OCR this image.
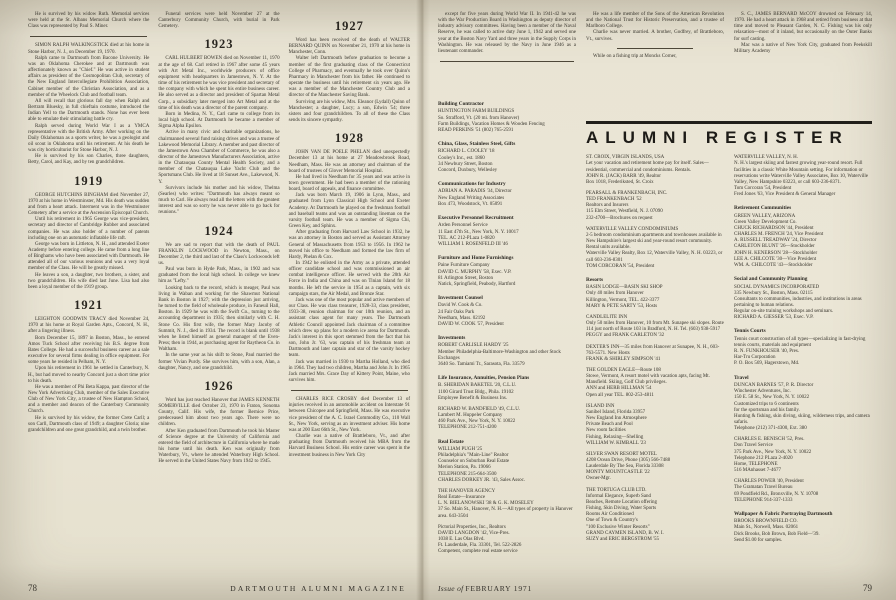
He is survived by his widow Ruth. Memorial services were held at the St. Albans Memorial Church where the Class was represented by Paul S. Miner.

SIMON RALPH WALKINGSTICK died at his home in Stone Harbor, N. J., on December 19, 1970.

Ralph came to Dartmouth from Bacone University. He was an Oklahoma Cherokee and at Dartmouth was affectionately known as "Chief." He was active in student affairs as president of the Cosmopolitan Club, secretary of the New England Intercollegiate Prohibition Association, Cabinet member of the Christian Association, and as a member of the Wheelock Club and football team.

All will recall that glorious fall day when Ralph and Bertram Bluesky, in full chieftain costume, introduced the Indian Yell to the Dartmouth stands. None has ever been able to emulate their stimulating battle cry.

Ralph served during World War I as a YMCA representative with the British Army. After working on the Daily Oklahoman as a sports writer, he was a geologist and oil scout in Oklahoma until his retirement. At his death he was city horticulturist for Stone Harbor, N. J.

He is survived by his son Charles, three daughters, Betty, Carol, and Kay, and by ten grandchildren.

1919

GEORGE HUTCHINS BINGHAM died November 27, 1970 at his home in Westminster, Md. His death was sudden and from a heart attack. Interment was in the Westminster Cemetery after a service at the Ascension Episcopal Church.

Until his retirement in 1965 George was vice-president, secretary and director of Cambridge Rubber and associated companies. He was also holder of a number of patents including one on an automatic inflatable life raft.

George was born in Littleton, N. H., and attended Exeter Academy before entering college. He came from a long line of Binghams who have been associated with Dartmouth. He attended all of our various reunions and was a very loyal member of the Class. He will be greatly missed.

He leaves a son, a daughter, two brothers, a sister, and two grandchildren. His wife died last June. Lisa had also been a loyal member of the 1919 group.

1921

LEIGHTON GOODWIN TRACY died November 24, 1970 at his home at Royal Garden Apts., Concord, N. H., after a lingering illness.

Born December 15, 1897 in Boston, Mass., he entered Amos Tuck School after receiving his B.S. degree from Bates College. He had a successful business career as a sale executive for several firms dealing in office equipment. For some years he resided in Pelham, N. Y.

Upon his retirement in 1961 he settled in Canterbury, N. H., but had moved to nearby Concord just a short time prior to his death.

He was a member of Phi Beta Kappa, past director of the New York Advertising Club, member of the Sales Executive Club of New York City, a trustee of New Hampton School, and a member and deacon of the Canterbury Community Church.

He is survived by his widow, the former Crete Carll; a son Carll, Dartmouth class of 1949; a daughter Gloria; nine grandchildren and one great grandchild, and a twin brother.

Funeral services were held November 27 at the Canterbury Community Church, with burial in Park Cemetery.

1923

CARL HULBERT BOWEN died on November 11, 1970 at the age of 68. Carl retired in 1967 after some 45 years with Art Metal Inc., worldwide producers of office equipment with headquarters in Jamestown, N. Y. At the time of his retirement he was vice president and secretary of the company with which he spent his entire business career. He also served as a director and president of Spartan Metal Corp., a subsidiary later merged into Art Metal and at the time of his death was a director of the parent company.

Born in Medina, N. Y., Carl came to college from its local high school. At Dartmouth he became a member of Sigma Alpha Epsilon.

Active in many civic and charitable organizations, he chairmanned several fund raising drives and was a trustee of Lakewood Memorial Library. A member and past director of the Jamestown Area Chamber of Commerce, he was also a director of the Jamestown Manufacturers Association, active in the Chatauqua County Mental Health Society, and a member of the Chatauqua Lake Yacht Club and the Sportsmans Club. He lived at 18 Sunset Ave., Lakewood, N. Y.

Survivors include his mother and his widow, Thelma (Searles) who writes: "Dartmouth has always meant so much to Carl. He always read all the letters with the greatest interest and was so sorry he was never able to go back for reunions."

1924

We are sad to report that with the death of PAUL FRANKLIN LOCKWOOD in Newton, Mass., on December 2, the third and last of the Class's Lockwoods left us.

Paul was born in Hyde Park, Mass., in 1902 and was graduated from the local high school. In college we knew him as "Lefty."

Looking back to the record, which is meager, Paul was living in Waban and working for the Shawmut National Bank in Boston in 1927; with the depression just arriving, he turned to the field of wholesale produce, in Faneuil Hall, Boston. In 1929 he was with the Swift Co., turning to the accounting department in 1935; then similarly with C. H. Stone Co. His first wife, the former Mary Jacoby of Summit, N. J., died in 1934. The record is blank until 1938 when he listed himself as general manager of the Even-Press; then in 1944, as purchasing agent for Raytheon Co. in Waltham.

In the same year as his shift to Stone, Paul married the former Vivian Purdy. She survives him, with a son, Alan, a daughter, Nancy, and one grandchild.

1926

Word has just reached Hanover that JAMES KENNETH SOMERVILLE died October 23, 1970 in Fraton, Sonoma County, Calif. His wife, the former Bernice Price, predeceased him about two years ago. There were no children.

After Ken graduated from Dartmouth he took his Master of Science degree at the University of California and entered the field of architecture in California where he made his home until his death. Ken was originally from Waterbury, Vt., where he attended Waterbury High School. He served in the United States Navy from 1942 to 1945.

1927

Word has been received of the death of WALTER BERNARD QUINN on November 21, 1970 at his home in Manchester, Conn.

Walter left Dartmouth before graduation to become a member of the first graduating class of the Connecticut College of Pharmacy, and eventually he took over Quinn's Pharmacy in Manchester from his father. He continued to operate the business until his retirement six years ago. He was a member of the Manchester Country Club and a director of the Manchester Saving Bank.

Surviving are his widow, Mrs. Eleanor (Lydall) Quinn of Manchester; a daughter, Lucy; a son, Edwin '54; three sisters and four grandchildren. To all of these the Class sends its sincere sympathy.

1928

JOHN VAN DE POELE PHELAN died unexpectedly December 13 at his home at 27 Meadowbrook Road, Needham, Mass. He was an attorney and chairman of the board of trustees of Glover Memorial Hospital.

He had lived in Needham for 35 years and was active in town government. He had been a member of the rationing board, board of appeals, and finance committee.

Jack was born March 19, 1906 in Lynn, Mass., and graduated from Lynn Classical High School and Exeter Academy. At Dartmouth he played on the freshman football and baseball teams and was an outstanding lineman on the varsity football team. He was a member of Sigma Chi, Green Key, and Sphinx.

After graduating from Harvard Law School in 1932, he was an attorney in Boston and served as Assistant Attorney General of Massachusetts from 1953 to 1956. In 1962 he moved his office to Needham and formed the law firm of Hardy, Phelan & Cox.

In 1942 he enlisted in the Army as a private, attended officer candidate school and was commissioned an air combat intelligence officer. He served with the 20th Air Force in India and China and was on Tinian Island for 18 months. He left the service in 1954 as a captain, with six campaign stars, the Air Medal, and Bronze Star.

Jack was one of the most popular and active members of our Class. He was class treasurer, 1928-33, class president, 1933-38, reunion chairman for our 10th reunion, and an assistant class agent for many years. The Dartmouth Athletic Council appointed Jack chairman of a committee which drew up plans for a modern ice arena for Dartmouth. Jack's interest in this sport stemmed from the fact that his son, John Jr. '63, was captain of his freshman team at Dartmouth and later captain and star of the varsity hockey team.

Jack was married in 1930 to Martha Holland, who died in 1964. They had two children, Martha and John Jr. In 1965 Jack married Mrs. Grace Day of Kittery Point, Maine, who survives him.

CHARLES RICE CROSBY died December 13 of injuries received in an automobile accident on Interstate 91 between Chicopee and Springfield, Mass. He was executive vice president of the A. C. Israel Commodity Co., 110 Wall St., New York, serving as an investment adviser. His home was at 200 East 66th St., New York.

Charlie was a native of Brattleboro, Vt., and after graduating from Dartmouth received his MBA from the Harvard Business School. His entire career was spent in the investment business in New York City

78	DARTMOUTH ALUMNI MAGAZINE

except for five years during World War II. In 1941-42 he was with the War Production Board in Washington as deputy director of industry advisory committees. Having been a member of the Naval Reserve, he was called to active duty June 1, 1942 and served one year at the Boston Navy Yard and three years in the Supply Corps in Washington. He was released by the Navy in June 1946 as a lieutenant commander.

Building Contractor
HUNTINGTON FARM BUILDINGS
So. Strafford, Vt. (20 mi. from Hanover)
Farm Buildings, Vacation Homes & Wooden Fencing
READ PERKINS '51 (802) 765-2591
China, Glass, Stainless Steel, Gifts
RICHARD L. COOLEY '18
Cooley's Inc., est. 1860
34 Newbury Street, Boston
Concord, Duxbury, Wellesley
Communications for Industry
ADRIAN A. PARADIS '34, Director
New England Writing Associates
Box 473, Woodstock, Vt. 05091
Executive Personnel Recruitment
Arden Personnel Service
11 East 47th St., New York, N. Y. 10017
TEL. AC 212-PLaza 1-0820
WILLIAM I. ROSENFELD III '46
Furniture and Home Furnishings
Paine Furniture Company
DAVID C. MURPHY '58, Exec. V.P.
81 Arlington Street, Boston
Natick, Springfield, Peabody, Hartford
Investment Counsel
David W. Cook & Co.
24 Fair Oaks Park
Needham, Mass. 02192
DAVID W. COOK '57, President
Investments
ROBERT CARLISLE HARDY '25
Member Philadelphia-Baltimore-Washington and other Stock Exchanges
3640 So. Tamiami Tr., Sarasota, Fla. 33579
Life Insurance, Annuities, Pension Plans
B. SHERIDAN BAKETEL '20, C.L.U.
1100 Girard Trust Bldg., Phila. 19102
Employee Benefit & Business Ins.
RICHARD W. BANDFIELD '49, C.L.U.
Lambert M. Huppeler Company
460 Park Ave., New York, N. Y. 10022
TELEPHONE 212-751-4200
Real Estate
WILLIAM PUGH '25
Philadelphia's "Main-Line" Realtor
Counselor on Suburban Real Estate
Merion Station, Pa. 19066
TELEPHONE 215-664-3500
CHARLES DORKEY JR. '43, Sales Assoc.
THE HANOVER AGENCY
Real Estate—Insurance
L. N. BIELANOWSKI '38 & G. K. MOSELEY
37 So. Main St., Hanover, N. H.—All types of property in Hanover area. 643-3504
Pictorial Properties, Inc., Realtors
DAVID LANGDON '42, Vice-Pres.
1038 E. Las Olas Blvd.
Ft. Lauderdale, Fla. 33301, Tel. 522-2826
Competent, complete real estate service

He was a life member of the Sons of the American Revolution and the National Trust for Historic Preservation, and a trustee of Marlboro College.

Charlie was never married. A brother, Godfrey, of Brattleboro, Vt., survives.

While on a fishing trip at Moncks Corner,

S. C., JAMES BERNARD McCOY drowned on February 14, 1970. He had a heart attack in 1968 and retired from business at that time and moved to Pleasant Garden, N. C. Fishing was his only relaxation—most of it inland, but occasionally on the Outer Banks for surf casting.

Mac was a native of New York City, graduated from Peekskill Military Academy

ALUMNI REGISTER
ST. CROIX, VIRGIN ISLANDS, USA
Let your vacation and retirement home pay for itself. Sales—residential, commercial and condominiums. Rentals.
JOHN R. (JACK) BARR '49, Realtor
Box 1018, Frederiksted, St. Croix
PEARSALL & FRANKENBACH, INC.
TED FRANKENBACH '52
Realtors and Insurers
115 Elm Street, Westfield, N. J. 07090
232-4700—Brochures on request
WATERVILLE VALLEY CONDOMINIUMS
2-5 bedroom condominium apartments and townhouses available in New Hampshire's largest ski and year-round resort community. Rental units available.
Waterville Valley Realty, Box 12, Waterville Valley, N. H. 03223, or call 603-236-8301
TOM CORCORAN '54, President
Resorts
BASIN LODGE—BASIN SKI SHOP
Only 40 miles from Hanover
Killington, Vermont, TEL. 422-3377
MARY & PETE SARTY '53, Hosts
CANDLELITE INN
Only 50 miles from Hanover, 10 from Mt. Sunapee ski slopes. Route 114 just north of Route 103 in Bradford, N. H. Tel. (603) 938-5917
PEGGY and FRANK CARLETON '32
DEXTER'S INN—35 miles from Hanover at Sunapee, N. H., 603-763-5571. New Hosts
FRANK & SHIRLEY SIMPSON '41
THE GOLDEN EAGLE—Route 108
Stowe, Vermont, A resort motel with vacation apts, facing Mt. Mansfield. Skiing, Golf Club privileges.
ANN and HERB HILLMAN '54
Open all year TEL. 802-253-4811
ISLAND INN
Sanibel Island, Florida 33957
New England Inn Atmosphere
Private Beach and Pool
New room facilities
Fishing, Relaxing—Shelling
WILLIAM W. KIMBALL '23
SILVER SWAN RESORT MOTEL
4208 Ocean Drive, Phone (305) 566-7488
Lauderdale By The Sea, Florida 33308
MONTY MOUNTCASTLE '22
Owner-Mgr.
THE TORTUGA CLUB LTD.
Informal Elegance, Superb Sand
Beaches, Remote Location offering
Fishing, Skin Diving, Water Sports
Rooms Air Conditioned
One of Town & Country's
"100 Exclusive Winter Resorts"
GRAND CAYMEN ISLAND, B. W. I.
SUZY and ERIC BERGSTROM '55
WATERVILLE VALLEY, N. H.
N. H.'s largest skiing and fastest growing year-round resort. Full facilities in a classic White Mountain setting. For information or reservations write Waterville Valley Associates, Box 10, Waterville Valley, New Hampshire 03223, or call 603-236-8371.
Tom Corcoran '54, President
Fred Jones '63, Vice President & General Manager
Retirement Communities
GREEN VALLEY, ARIZONA
Green Valley Development Co.
CHUCK RICHARDSON '44, President
CHARLES M. FRENCH '24, Vice President
A. RUSSELL TREADWAY '24, Director
CARLETON BLUNT '26—Stockholder
JOHN H. KENERSON '28—Stockholder
LEE A. CHILCOTE '30—Vice President
WM. A. CHILCOTE '43—Stockholder
Social and Community Planning
SOCIAL DYNAMICS INCORPORATED
335 Newbury St., Boston, Mass. 02115
Consultants to communities, industries, and institutions in areas pertaining to human relations.
Regular on-site training workshops and seminars.
RICHARD A. GIESSER '53, Exec. V.P.
Tennis Courts
Tennis court construction of all types—specializing in fast-drying tennis courts, materials and equipment
R. N. FUNKHOUSER '40, Pres.
Har-Tru Corporation
P. O. Box 569, Hagerstown, Md.
Travel
DUNCAN BARNES '57, P. R. Director
Winchester Adventures, Inc.
150 E. 58 St., New York, N. Y. 10022
Customized trips to 6 continents
for the sportsman and his family.
Hunting & fishing, skin diving, skiing, wilderness trips, and camera safaris.
Telephone (212) 371-4300, Ext. 380
CHARLES E. BENISCH '52, Pres.
Don Travel Service
375 Park Ave., New York, N. Y. 10022
Telephone 212 PLaza 2-4020
Home, TELEPHONE
516 MAnhasset 7-4677
CHARLES POWER '40, President
The Gramatan Travel Bureau
69 Pondfield Rd., Bronxville, N. Y. 10708
TELEPHONE 914-337-1333
Wallpaper & Fabric Portraying Dartmouth
BROOKS BROWNFIELD CO.
Main St., Norwell, Mass. 02061
Dick Brooks, Bob Brown, Bob Field—'39.
Send $1.00 for samples.
Issue of FEBRUARY 1971	79
